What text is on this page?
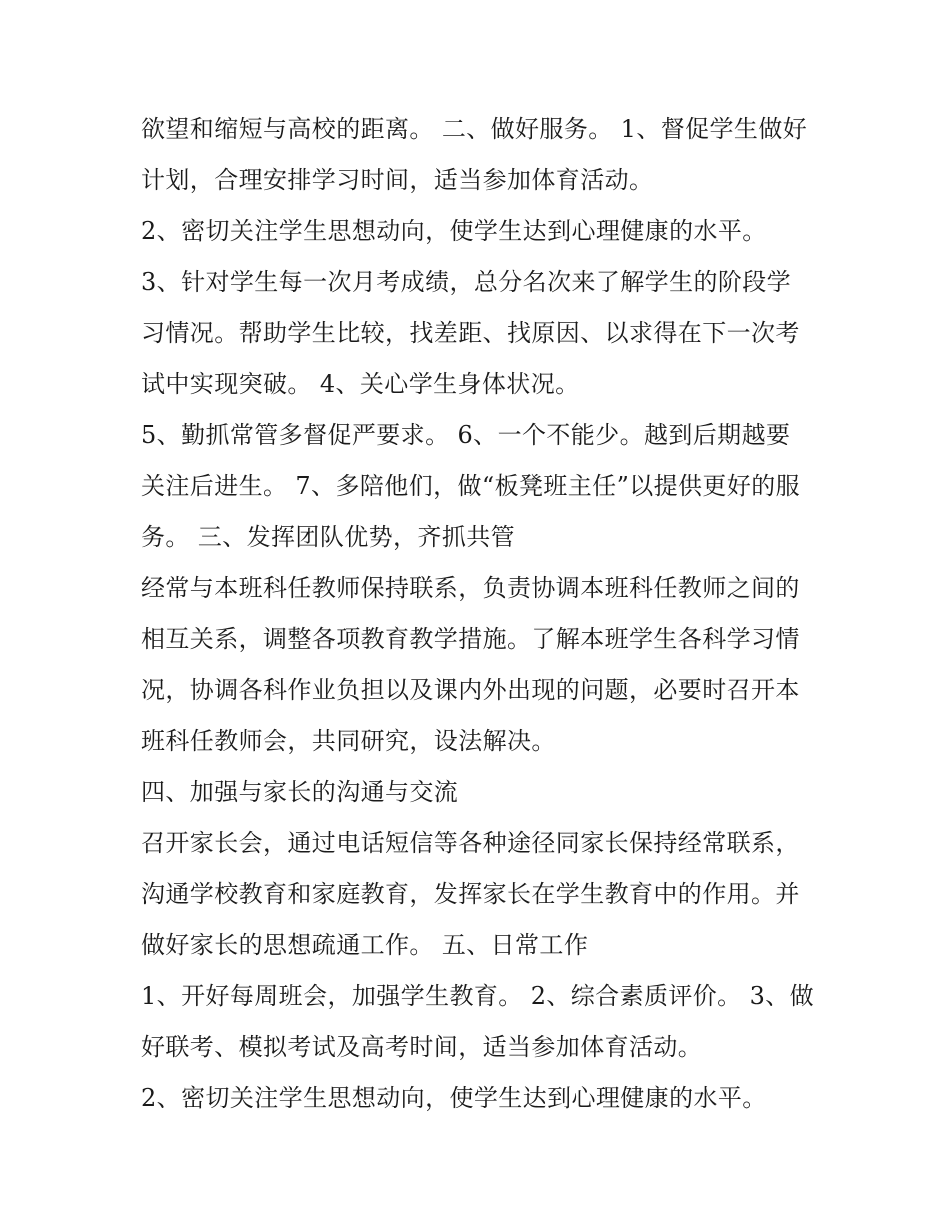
欲望和缩短与高校的距离。 二、做好服务。 1、督促学生做好
计划，合理安排学习时间，适当参加体育活动。
2、密切关注学生思想动向，使学生达到心理健康的水平。
3、针对学生每一次月考成绩，总分名次来了解学生的阶段学
习情况。帮助学生比较，找差距、找原因、以求得在下一次考
试中实现突破。 4、关心学生身体状况。
5、勤抓常管多督促严要求。 6、一个不能少。越到后期越要
关注后进生。 7、多陪他们，做“板凳班主任”以提供更好的服
务。 三、发挥团队优势，齐抓共管
经常与本班科任教师保持联系，负责协调本班科任教师之间的
相互关系，调整各项教育教学措施。了解本班学生各科学习情
况，协调各科作业负担以及课内外出现的问题，必要时召开本
班科任教师会，共同研究，设法解决。
四、加强与家长的沟通与交流
召开家长会，通过电话短信等各种途径同家长保持经常联系，
沟通学校教育和家庭教育，发挥家长在学生教育中的作用。并
做好家长的思想疏通工作。 五、日常工作
1、开好每周班会，加强学生教育。 2、综合素质评价。 3、做
好联考、模拟考试及高考时间，适当参加体育活动。
2、密切关注学生思想动向，使学生达到心理健康的水平。
